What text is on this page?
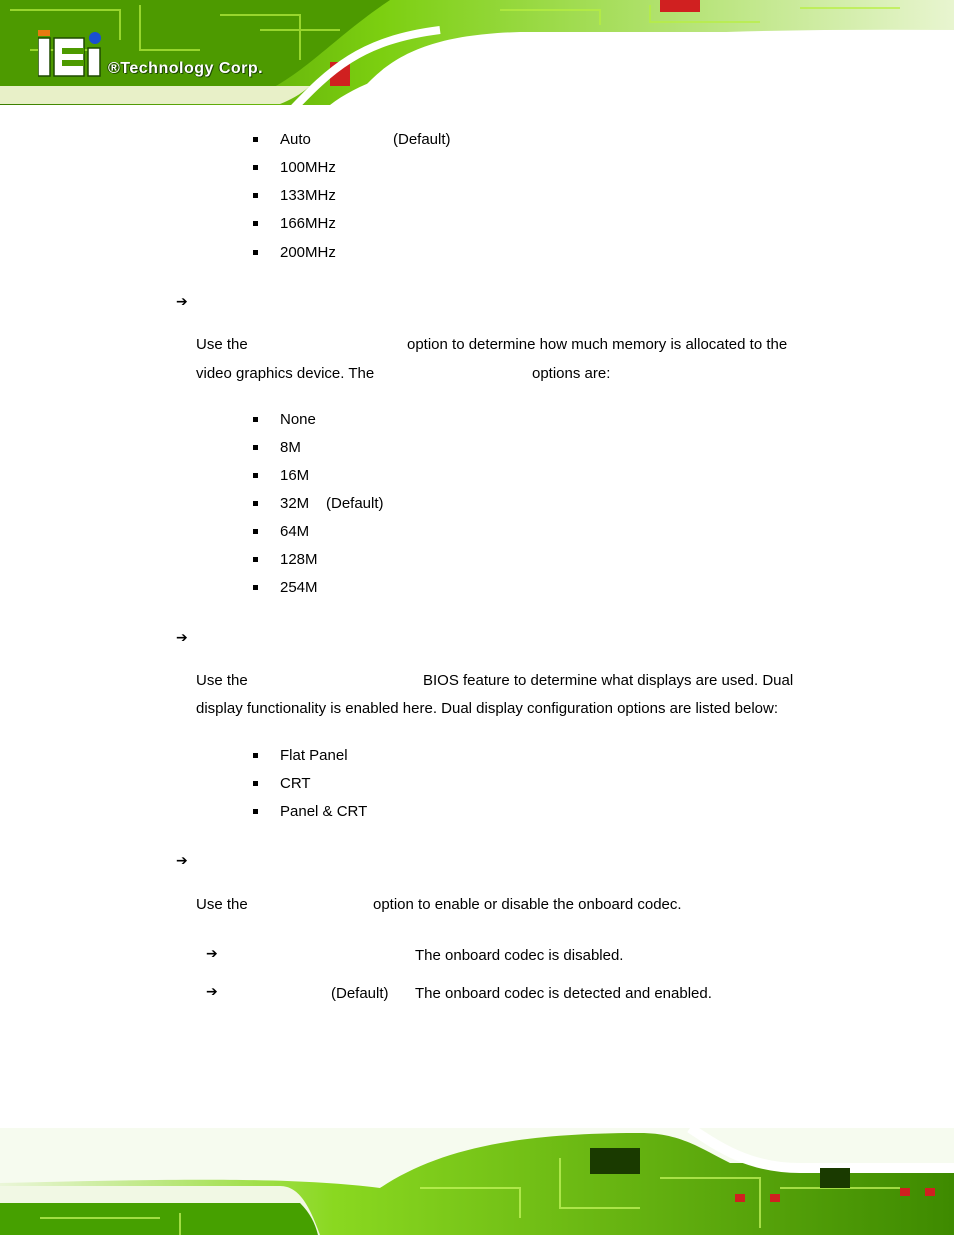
®Technology Corp.
Auto	(Default)
100MHz
133MHz
166MHz
200MHz
➔
Use the	option to determine how much memory is allocated to the
video graphics device. The	options are:
None
8M
16M
32M (Default)
64M
128M
254M
➔
Use the	BIOS feature to determine what displays are used. Dual
display functionality is enabled here. Dual display configuration options are listed below:
Flat Panel
CRT
Panel & CRT
➔
Use the	option to enable or disable the onboard codec.
➔	The onboard codec is disabled.
➔	(Default) The onboard codec is detected and enabled.
